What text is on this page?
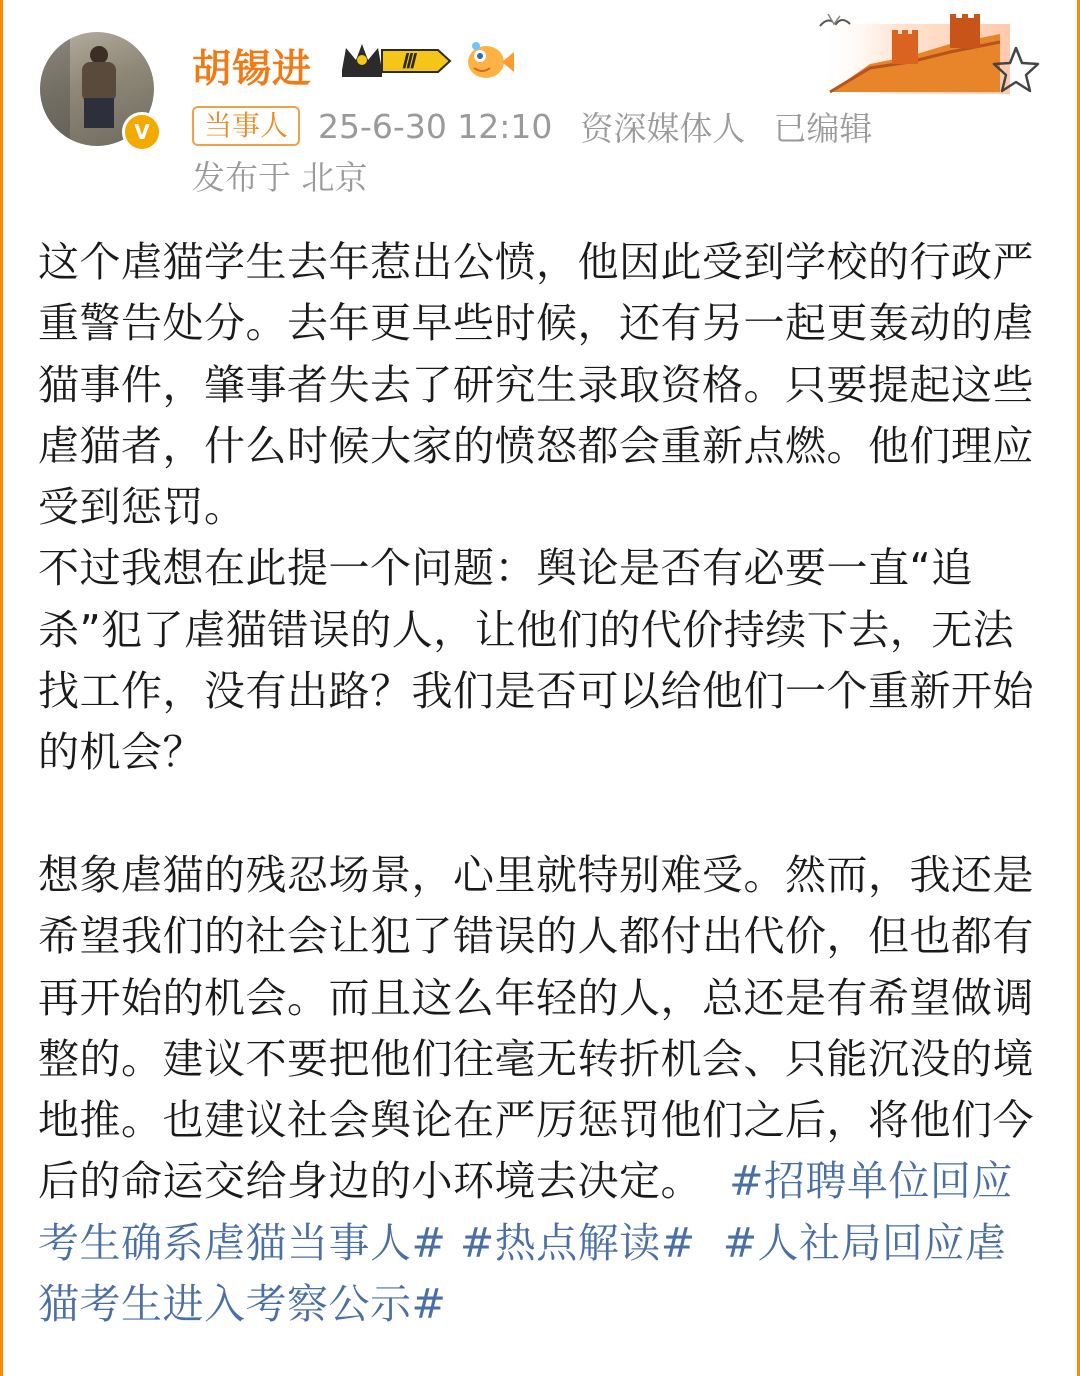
V
胡锡进	Ⅲ
当事人 25-6-30 12:10 资深媒体人 已编辑
发布于 北京

这个虐猫学生去年惹出公愤，他因此受到学校的行政严重警告处分。去年更早些时候，还有另一起更轰动的虐猫事件，肇事者失去了研究生录取资格。只要提起这些虐猫者，什么时候大家的愤怒都会重新点燃。他们理应受到惩罚。

不过我想在此提一个问题：舆论是否有必要一直“追杀”犯了虐猫错误的人，让他们的代价持续下去，无法找工作，没有出路？我们是否可以给他们一个重新开始的机会？

想象虐猫的残忍场景，心里就特别难受。然而，我还是希望我们的社会让犯了错误的人都付出代价，但也都有再开始的机会。而且这么年轻的人，总还是有希望做调整的。建议不要把他们往毫无转折机会、只能沉没的境地推。也建议社会舆论在严厉惩罚他们之后，将他们今后的命运交给身边的小环境去决定。 #招聘单位回应考生确系虐猫当事人# #热点解读# #人社局回应虐猫考生进入考察公示#
